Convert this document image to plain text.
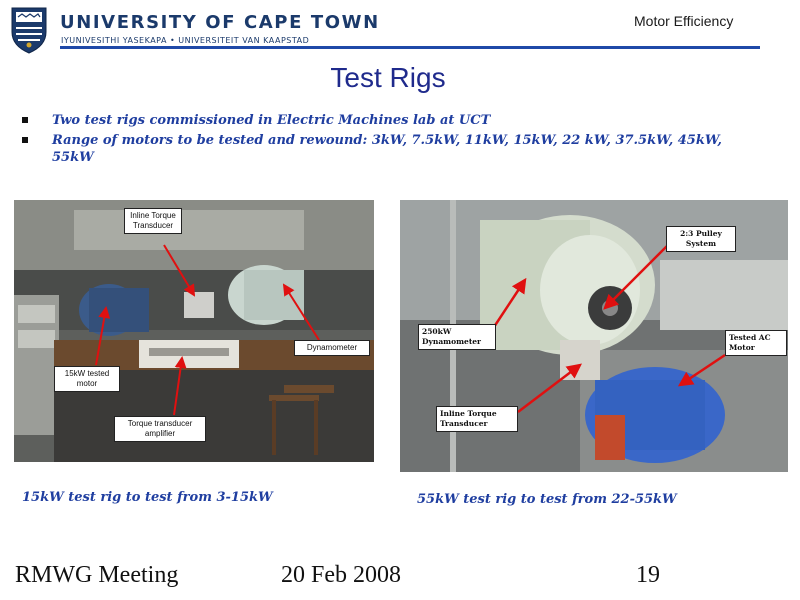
UNIVERSITY OF CAPE TOWN
IYUNIVESITHI YASEKAPA • UNIVERSITEIT VAN KAAPSTAD
Motor Efficiency
Test Rigs
Two test rigs commissioned in Electric Machines lab at UCT
Range of motors to be tested and rewound: 3kW, 7.5kW, 11kW, 15kW, 22 kW, 37.5kW, 45kW, 55kW
Inline Torque Transducer
Dynamometer
15kW tested motor
Torque transducer amplifier
2:3 Pulley System
250kW Dynamometer	Tested AC Motor
Inline Torque Transducer
15kW test rig to test from 3-15kW	55kW test rig to test from 22-55kW
RMWG Meeting	20 Feb 2008	19
